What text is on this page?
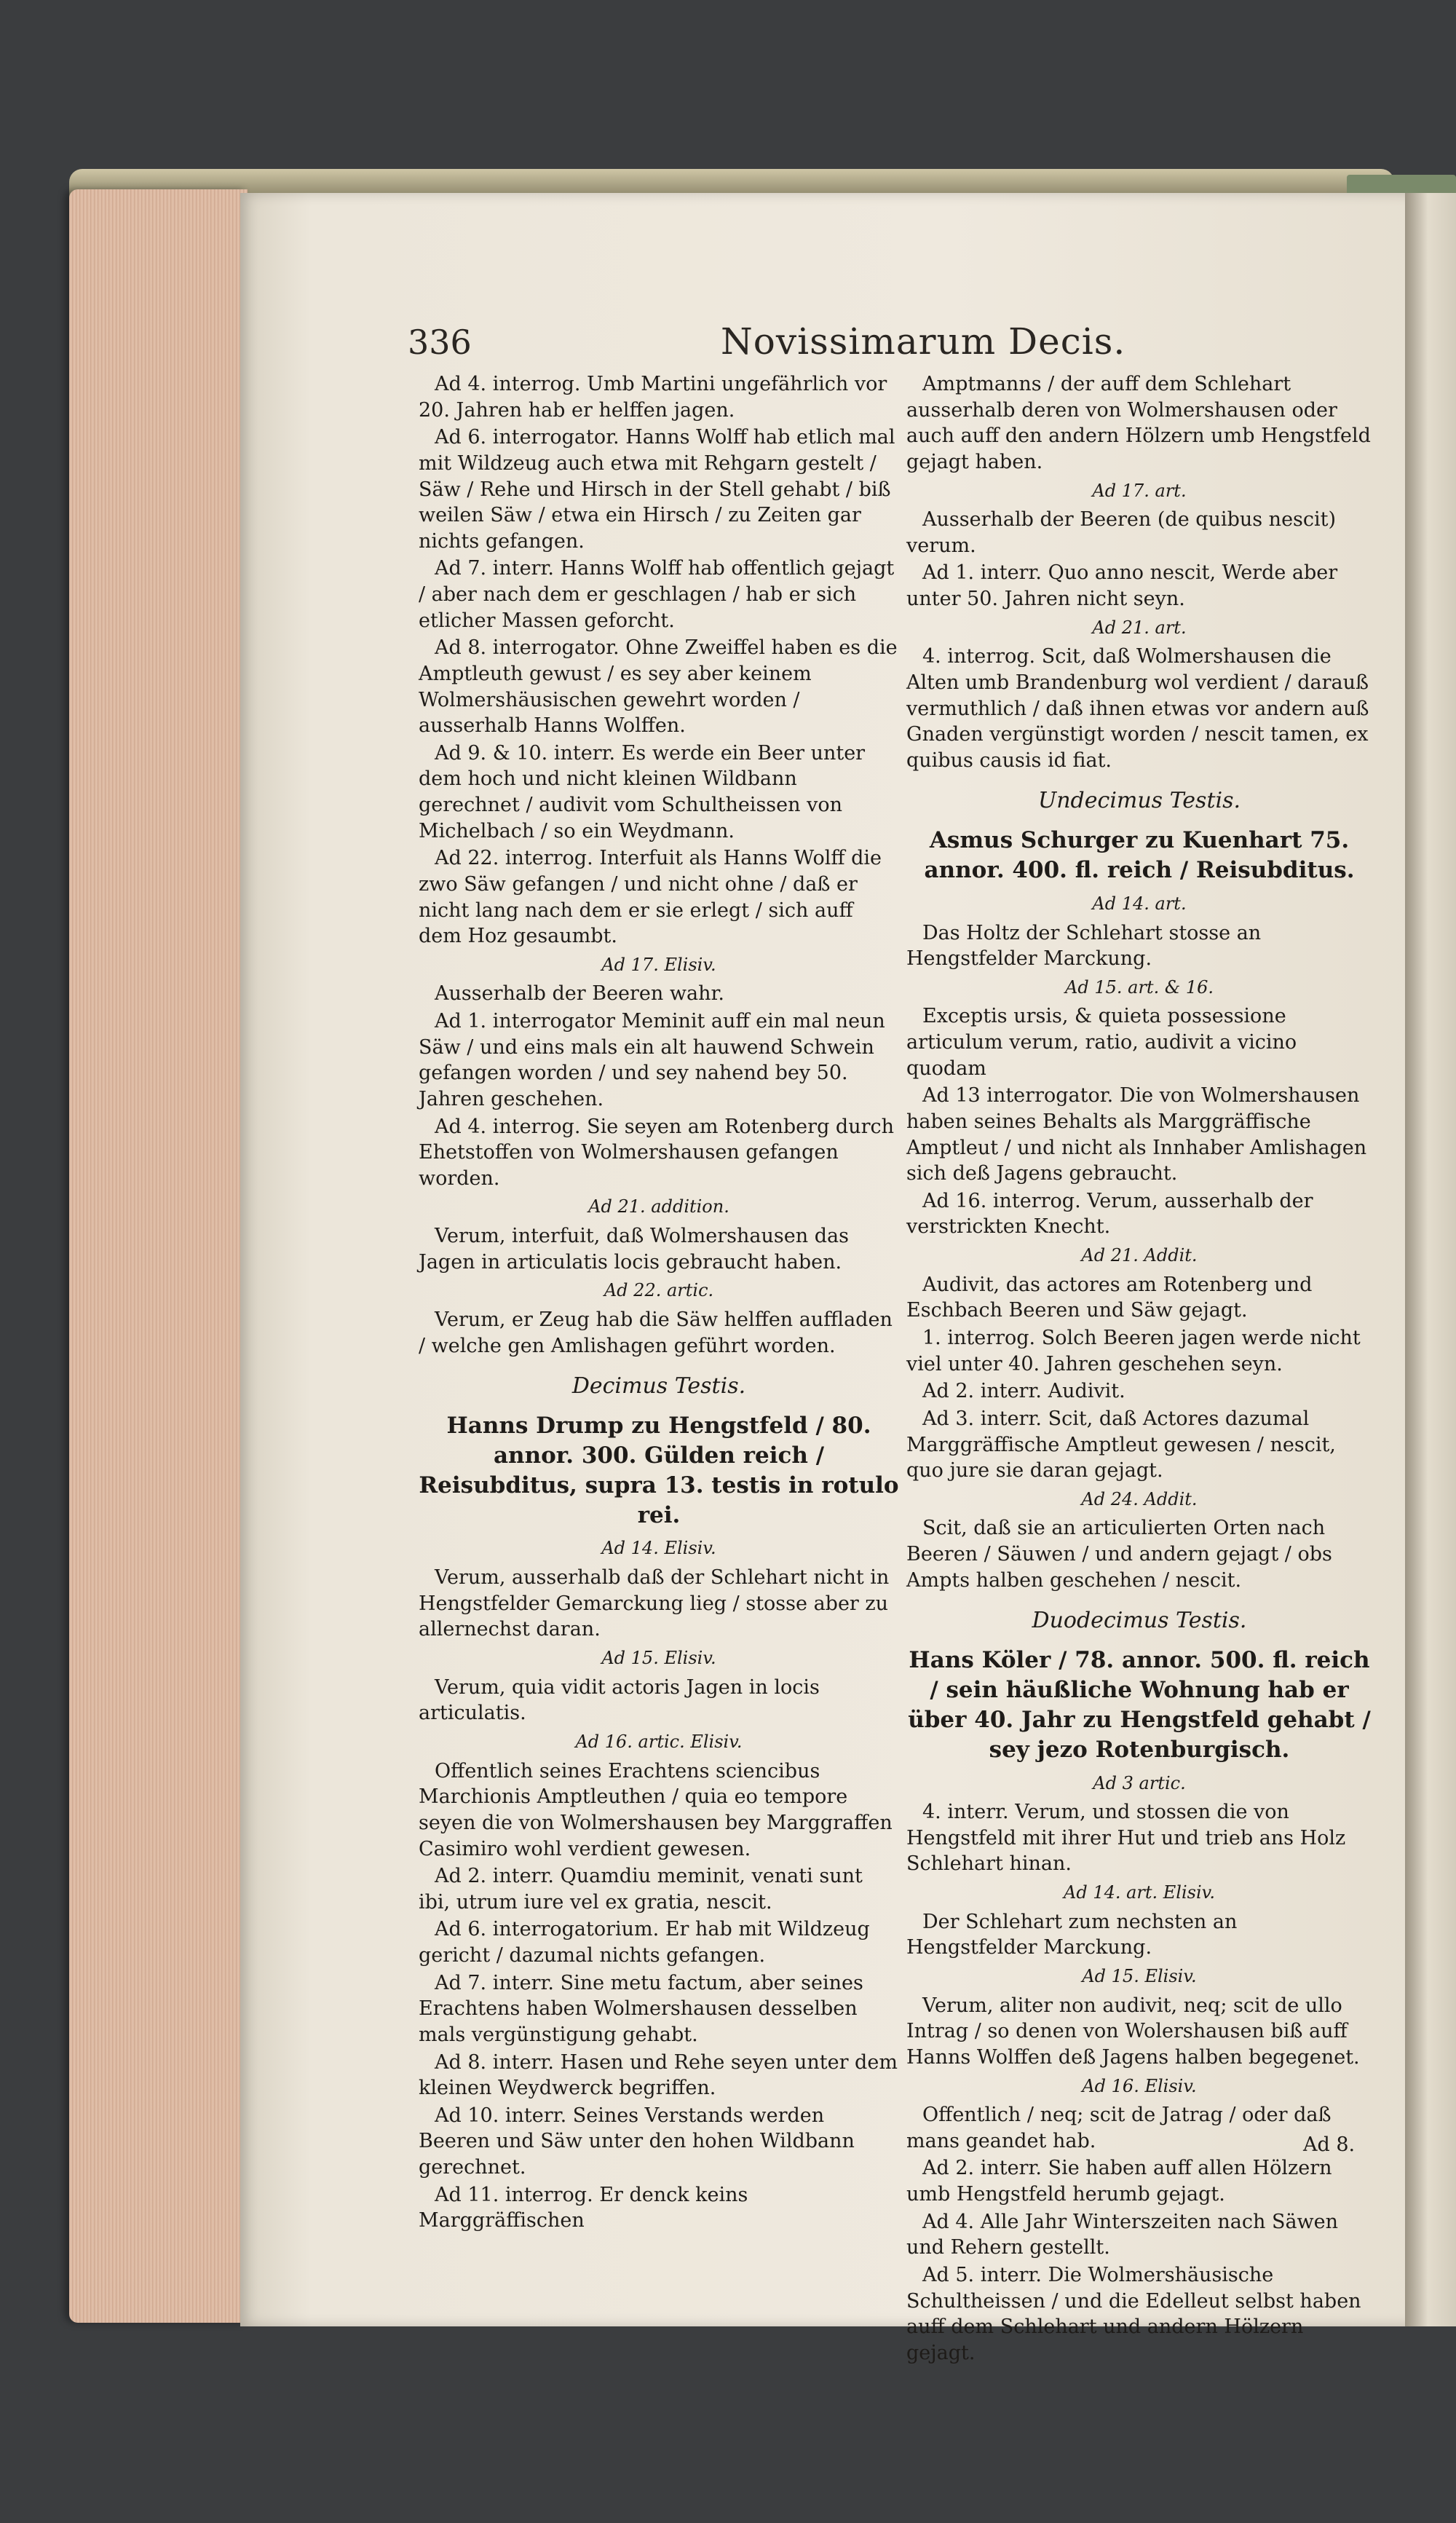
336	Novissimarum Decis.

Ad 4. interrog. Umb Martini ungefährlich vor 20. Jahren hab er helffen jagen.

Ad 6. interrogator. Hanns Wolff hab etlich mal mit Wildzeug auch etwa mit Rehgarn gestelt / Säw / Rehe und Hirsch in der Stell gehabt / biß weilen Säw / etwa ein Hirsch / zu Zeiten gar nichts gefangen.

Ad 7. interr. Hanns Wolff hab offentlich gejagt / aber nach dem er geschlagen / hab er sich etlicher Massen geforcht.

Ad 8. interrogator. Ohne Zweiffel haben es die Amptleuth gewust / es sey aber keinem Wolmershäusischen gewehrt worden / ausserhalb Hanns Wolffen.

Ad 9. & 10. interr. Es werde ein Beer unter dem hoch und nicht kleinen Wildbann gerechnet / audivit vom Schultheissen von Michelbach / so ein Weydmann.

Ad 22. interrog. Interfuit als Hanns Wolff die zwo Säw gefangen / und nicht ohne / daß er nicht lang nach dem er sie erlegt / sich auff dem Hoz gesaumbt.

Ad 17. Elisiv.

Ausserhalb der Beeren wahr.

Ad 1. interrogator Meminit auff ein mal neun Säw / und eins mals ein alt hauwend Schwein gefangen worden / und sey nahend bey 50. Jahren geschehen.

Ad 4. interrog. Sie seyen am Rotenberg durch Ehetstoffen von Wolmershausen gefangen worden.

Ad 21. addition.

Verum, interfuit, daß Wolmershausen das Jagen in articulatis locis gebraucht haben.

Ad 22. artic.

Verum, er Zeug hab die Säw helffen auffladen / welche gen Amlishagen geführt worden.

Decimus Testis.

Hanns Drump zu Hengstfeld / 80. annor. 300. Gülden reich / Reisubditus, supra 13. testis in rotulo rei.

Ad 14. Elisiv.

Verum, ausserhalb daß der Schlehart nicht in Hengstfelder Gemarckung lieg / stosse aber zu allernechst daran.

Ad 15. Elisiv.

Verum, quia vidit actoris Jagen in locis articulatis.

Ad 16. artic. Elisiv.

Offentlich seines Erachtens sciencibus Marchionis Amptleuthen / quia eo tempore seyen die von Wolmershausen bey Marggraffen Casimiro wohl verdient gewesen.

Ad 2. interr. Quamdiu meminit, venati sunt ibi, utrum iure vel ex gratia, nescit.

Ad 6. interrogatorium. Er hab mit Wildzeug gericht / dazumal nichts gefangen.

Ad 7. interr. Sine metu factum, aber seines Erachtens haben Wolmershausen desselben mals vergünstigung gehabt.

Ad 8. interr. Hasen und Rehe seyen unter dem kleinen Weydwerck begriffen.

Ad 10. interr. Seines Verstands werden Beeren und Säw unter den hohen Wildbann gerechnet.

Ad 11. interrog. Er denck keins Marggräffischen

Amptmanns / der auff dem Schlehart ausserhalb deren von Wolmershausen oder auch auff den andern Hölzern umb Hengstfeld gejagt haben.

Ad 17. art.

Ausserhalb der Beeren (de quibus nescit) verum.

Ad 1. interr. Quo anno nescit, Werde aber unter 50. Jahren nicht seyn.

Ad 21. art.

4. interrog. Scit, daß Wolmershausen die Alten umb Brandenburg wol verdient / darauß vermuthlich / daß ihnen etwas vor andern auß Gnaden vergünstigt worden / nescit tamen, ex quibus causis id fiat.

Undecimus Testis.

Asmus Schurger zu Kuenhart 75. annor. 400. fl. reich / Reisubditus.

Ad 14. art.

Das Holtz der Schlehart stosse an Hengstfelder Marckung.

Ad 15. art. & 16.

Exceptis ursis, & quieta possessione articulum verum, ratio, audivit a vicino quodam

Ad 13 interrogator. Die von Wolmershausen haben seines Behalts als Marggräffische Amptleut / und nicht als Innhaber Amlishagen sich deß Jagens gebraucht.

Ad 16. interrog. Verum, ausserhalb der verstrickten Knecht.

Ad 21. Addit.

Audivit, das actores am Rotenberg und Eschbach Beeren und Säw gejagt.

1. interrog. Solch Beeren jagen werde nicht viel unter 40. Jahren geschehen seyn.

Ad 2. interr. Audivit.

Ad 3. interr. Scit, daß Actores dazumal Marggräffische Amptleut gewesen / nescit, quo jure sie daran gejagt.

Ad 24. Addit.

Scit, daß sie an articulierten Orten nach Beeren / Säuwen / und andern gejagt / obs Ampts halben geschehen / nescit.

Duodecimus Testis.

Hans Köler / 78. annor. 500. fl. reich / sein häußliche Wohnung hab er über 40. Jahr zu Hengstfeld gehabt / sey jezo Rotenburgisch.

Ad 3 artic.

4. interr. Verum, und stossen die von Hengstfeld mit ihrer Hut und trieb ans Holz Schlehart hinan.

Ad 14. art. Elisiv.

Der Schlehart zum nechsten an Hengstfelder Marckung.

Ad 15. Elisiv.

Verum, aliter non audivit, neq; scit de ullo Intrag / so denen von Wolershausen biß auff Hanns Wolffen deß Jagens halben begegenet.

Ad 16. Elisiv.

Offentlich / neq; scit de Jatrag / oder daß mans geandet hab.

Ad 2. interr. Sie haben auff allen Hölzern umb Hengstfeld herumb gejagt.

Ad 4. Alle Jahr Winterszeiten nach Säwen und Rehern gestellt.

Ad 5. interr. Die Wolmershäusische Schultheissen / und die Edelleut selbst haben auff dem Schlehart und andern Hölzern gejagt.

Ad 8.
